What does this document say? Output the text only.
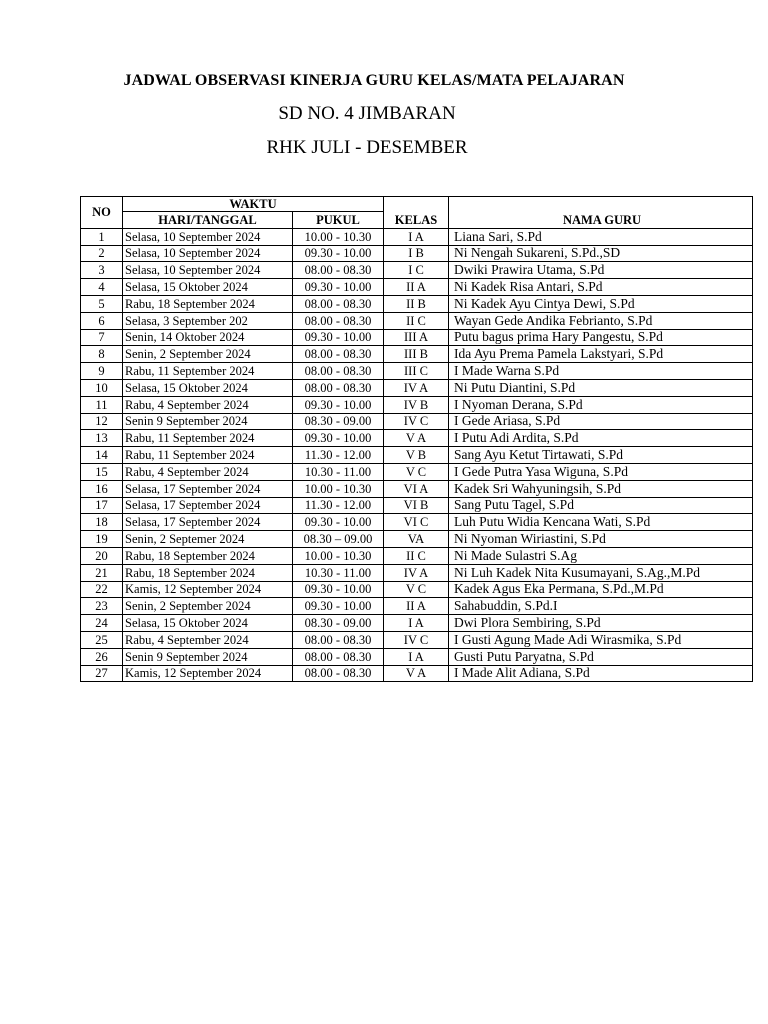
JADWAL OBSERVASI KINERJA GURU KELAS/MATA PELAJARAN
SD NO. 4 JIMBARAN
RHK JULI - DESEMBER
NO	WAKTU			
	HARI/TANGGAL	PUKUL	KELAS	NAMA GURU
1	Selasa, 10 September 2024	10.00 - 10.30	I A	Liana Sari, S.Pd
2	Selasa, 10 September 2024	09.30 - 10.00	I B	Ni Nengah Sukareni, S.Pd.,SD
3	Selasa, 10 September 2024	08.00 - 08.30	I C	Dwiki Prawira Utama, S.Pd
4	Selasa, 15 Oktober 2024	09.30 - 10.00	II A	Ni Kadek Risa Antari, S.Pd
5	Rabu, 18 September 2024	08.00 - 08.30	II B	Ni Kadek Ayu Cintya Dewi, S.Pd
6	Selasa, 3 September 202	08.00 - 08.30	II C	Wayan Gede Andika Febrianto, S.Pd
7	Senin, 14 Oktober 2024	09.30 - 10.00	III A	Putu bagus prima Hary Pangestu, S.Pd
8	Senin, 2 September 2024	08.00 - 08.30	III B	Ida Ayu Prema Pamela Lakstyari, S.Pd
9	Rabu, 11 September 2024	08.00 - 08.30	III C	I Made Warna S.Pd
10	Selasa, 15 Oktober 2024	08.00 - 08.30	IV A	Ni Putu Diantini, S.Pd
11	Rabu, 4 September 2024	09.30 - 10.00	IV B	I Nyoman Derana, S.Pd
12	Senin 9 September 2024	08.30 - 09.00	IV C	I Gede Ariasa, S.Pd
13	Rabu, 11 September 2024	09.30 - 10.00	V A	I Putu Adi Ardita, S.Pd
14	Rabu, 11 September 2024	11.30 - 12.00	V B	Sang Ayu Ketut Tirtawati, S.Pd
15	Rabu, 4 September 2024	10.30 - 11.00	V C	I Gede Putra Yasa Wiguna, S.Pd
16	Selasa, 17 September 2024	10.00 - 10.30	VI A	Kadek Sri Wahyuningsih, S.Pd
17	Selasa, 17 September 2024	11.30 - 12.00	VI B	Sang Putu Tagel, S.Pd
18	Selasa, 17 September 2024	09.30 - 10.00	VI C	Luh Putu Widia Kencana Wati, S.Pd
19	Senin, 2 Septemer 2024	08.30 – 09.00	VA	Ni Nyoman Wiriastini, S.Pd
20	Rabu, 18 September 2024	10.00 - 10.30	II C	Ni Made Sulastri S.Ag
21	Rabu, 18 September 2024	10.30 - 11.00	IV A	Ni Luh Kadek Nita Kusumayani, S.Ag.,M.Pd
22	Kamis, 12 September 2024	09.30 - 10.00	V C	Kadek Agus Eka Permana, S.Pd.,M.Pd
23	Senin, 2 September 2024	09.30 - 10.00	II A	Sahabuddin, S.Pd.I
24	Selasa, 15 Oktober 2024	08.30 - 09.00	I A	Dwi Plora Sembiring, S.Pd
25	Rabu, 4 September 2024	08.00 - 08.30	IV C	I Gusti Agung Made Adi Wirasmika, S.Pd
26	Senin 9 September 2024	08.00 - 08.30	I A	Gusti Putu Paryatna, S.Pd
27	Kamis, 12 September 2024	08.00 - 08.30	V A	I Made Alit Adiana, S.Pd
